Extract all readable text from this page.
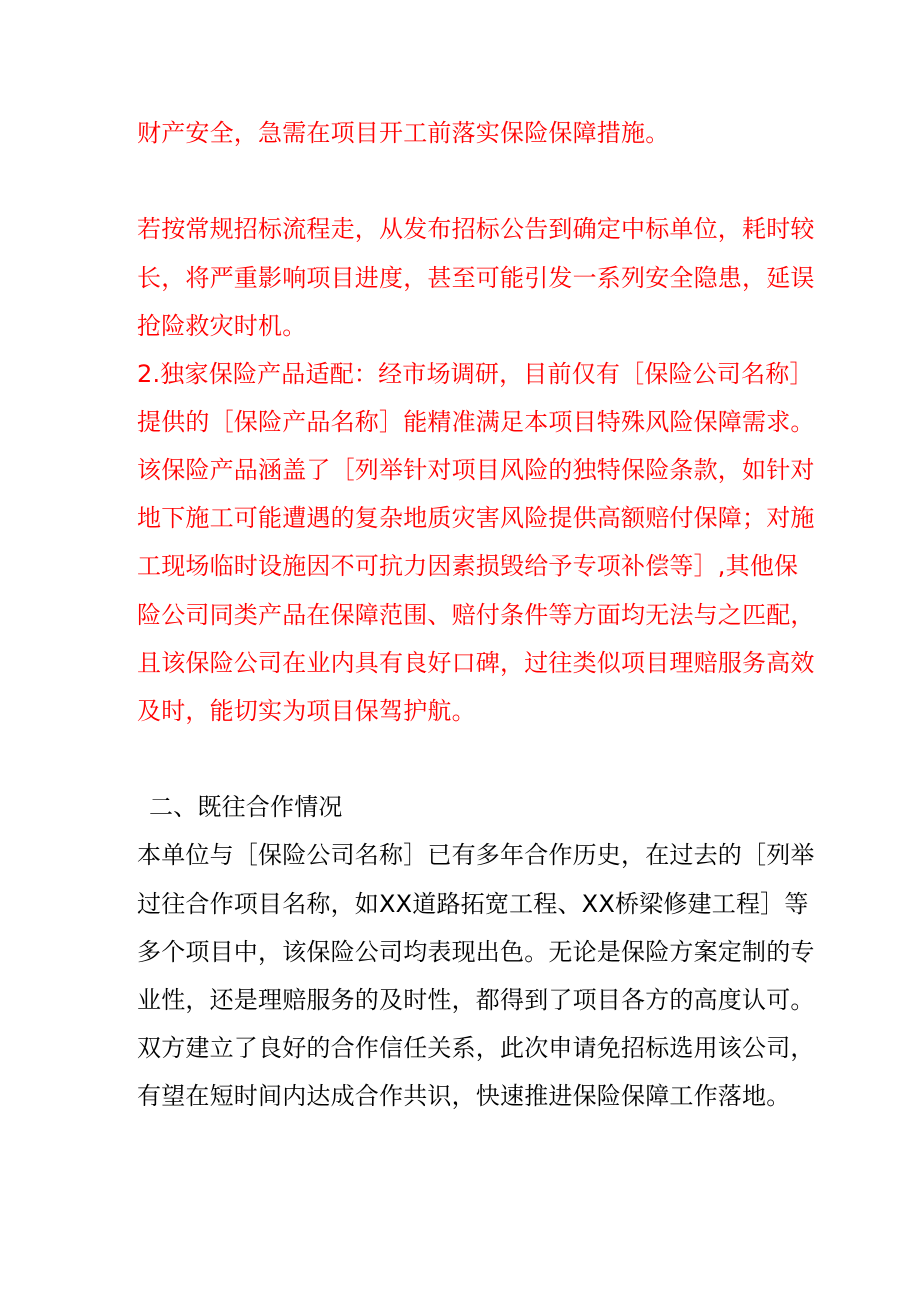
财产安全，急需在项目开工前落实保险保障措施。
若按常规招标流程走，从发布招标公告到确定中标单位，耗时较
长，将严重影响项目进度，甚至可能引发一系列安全隐患，延误
抢险救灾时机。
2.独家保险产品适配：经市场调研，目前仅有［保险公司名称］
提供的［保险产品名称］能精准满足本项目特殊风险保障需求。
该保险产品涵盖了［列举针对项目风险的独特保险条款，如针对
地下施工可能遭遇的复杂地质灾害风险提供高额赔付保障；对施
工现场临时设施因不可抗力因素损毁给予专项补偿等］,其他保
险公司同类产品在保障范围、赔付条件等方面均无法与之匹配，
且该保险公司在业内具有良好口碑，过往类似项目理赔服务高效
及时，能切实为项目保驾护航。
二、既往合作情况
本单位与［保险公司名称］已有多年合作历史，在过去的［列举
过往合作项目名称，如XX道路拓宽工程、XX桥梁修建工程］等
多个项目中，该保险公司均表现出色。无论是保险方案定制的专
业性，还是理赔服务的及时性，都得到了项目各方的高度认可。
双方建立了良好的合作信任关系，此次申请免招标选用该公司，
有望在短时间内达成合作共识，快速推进保险保障工作落地。
